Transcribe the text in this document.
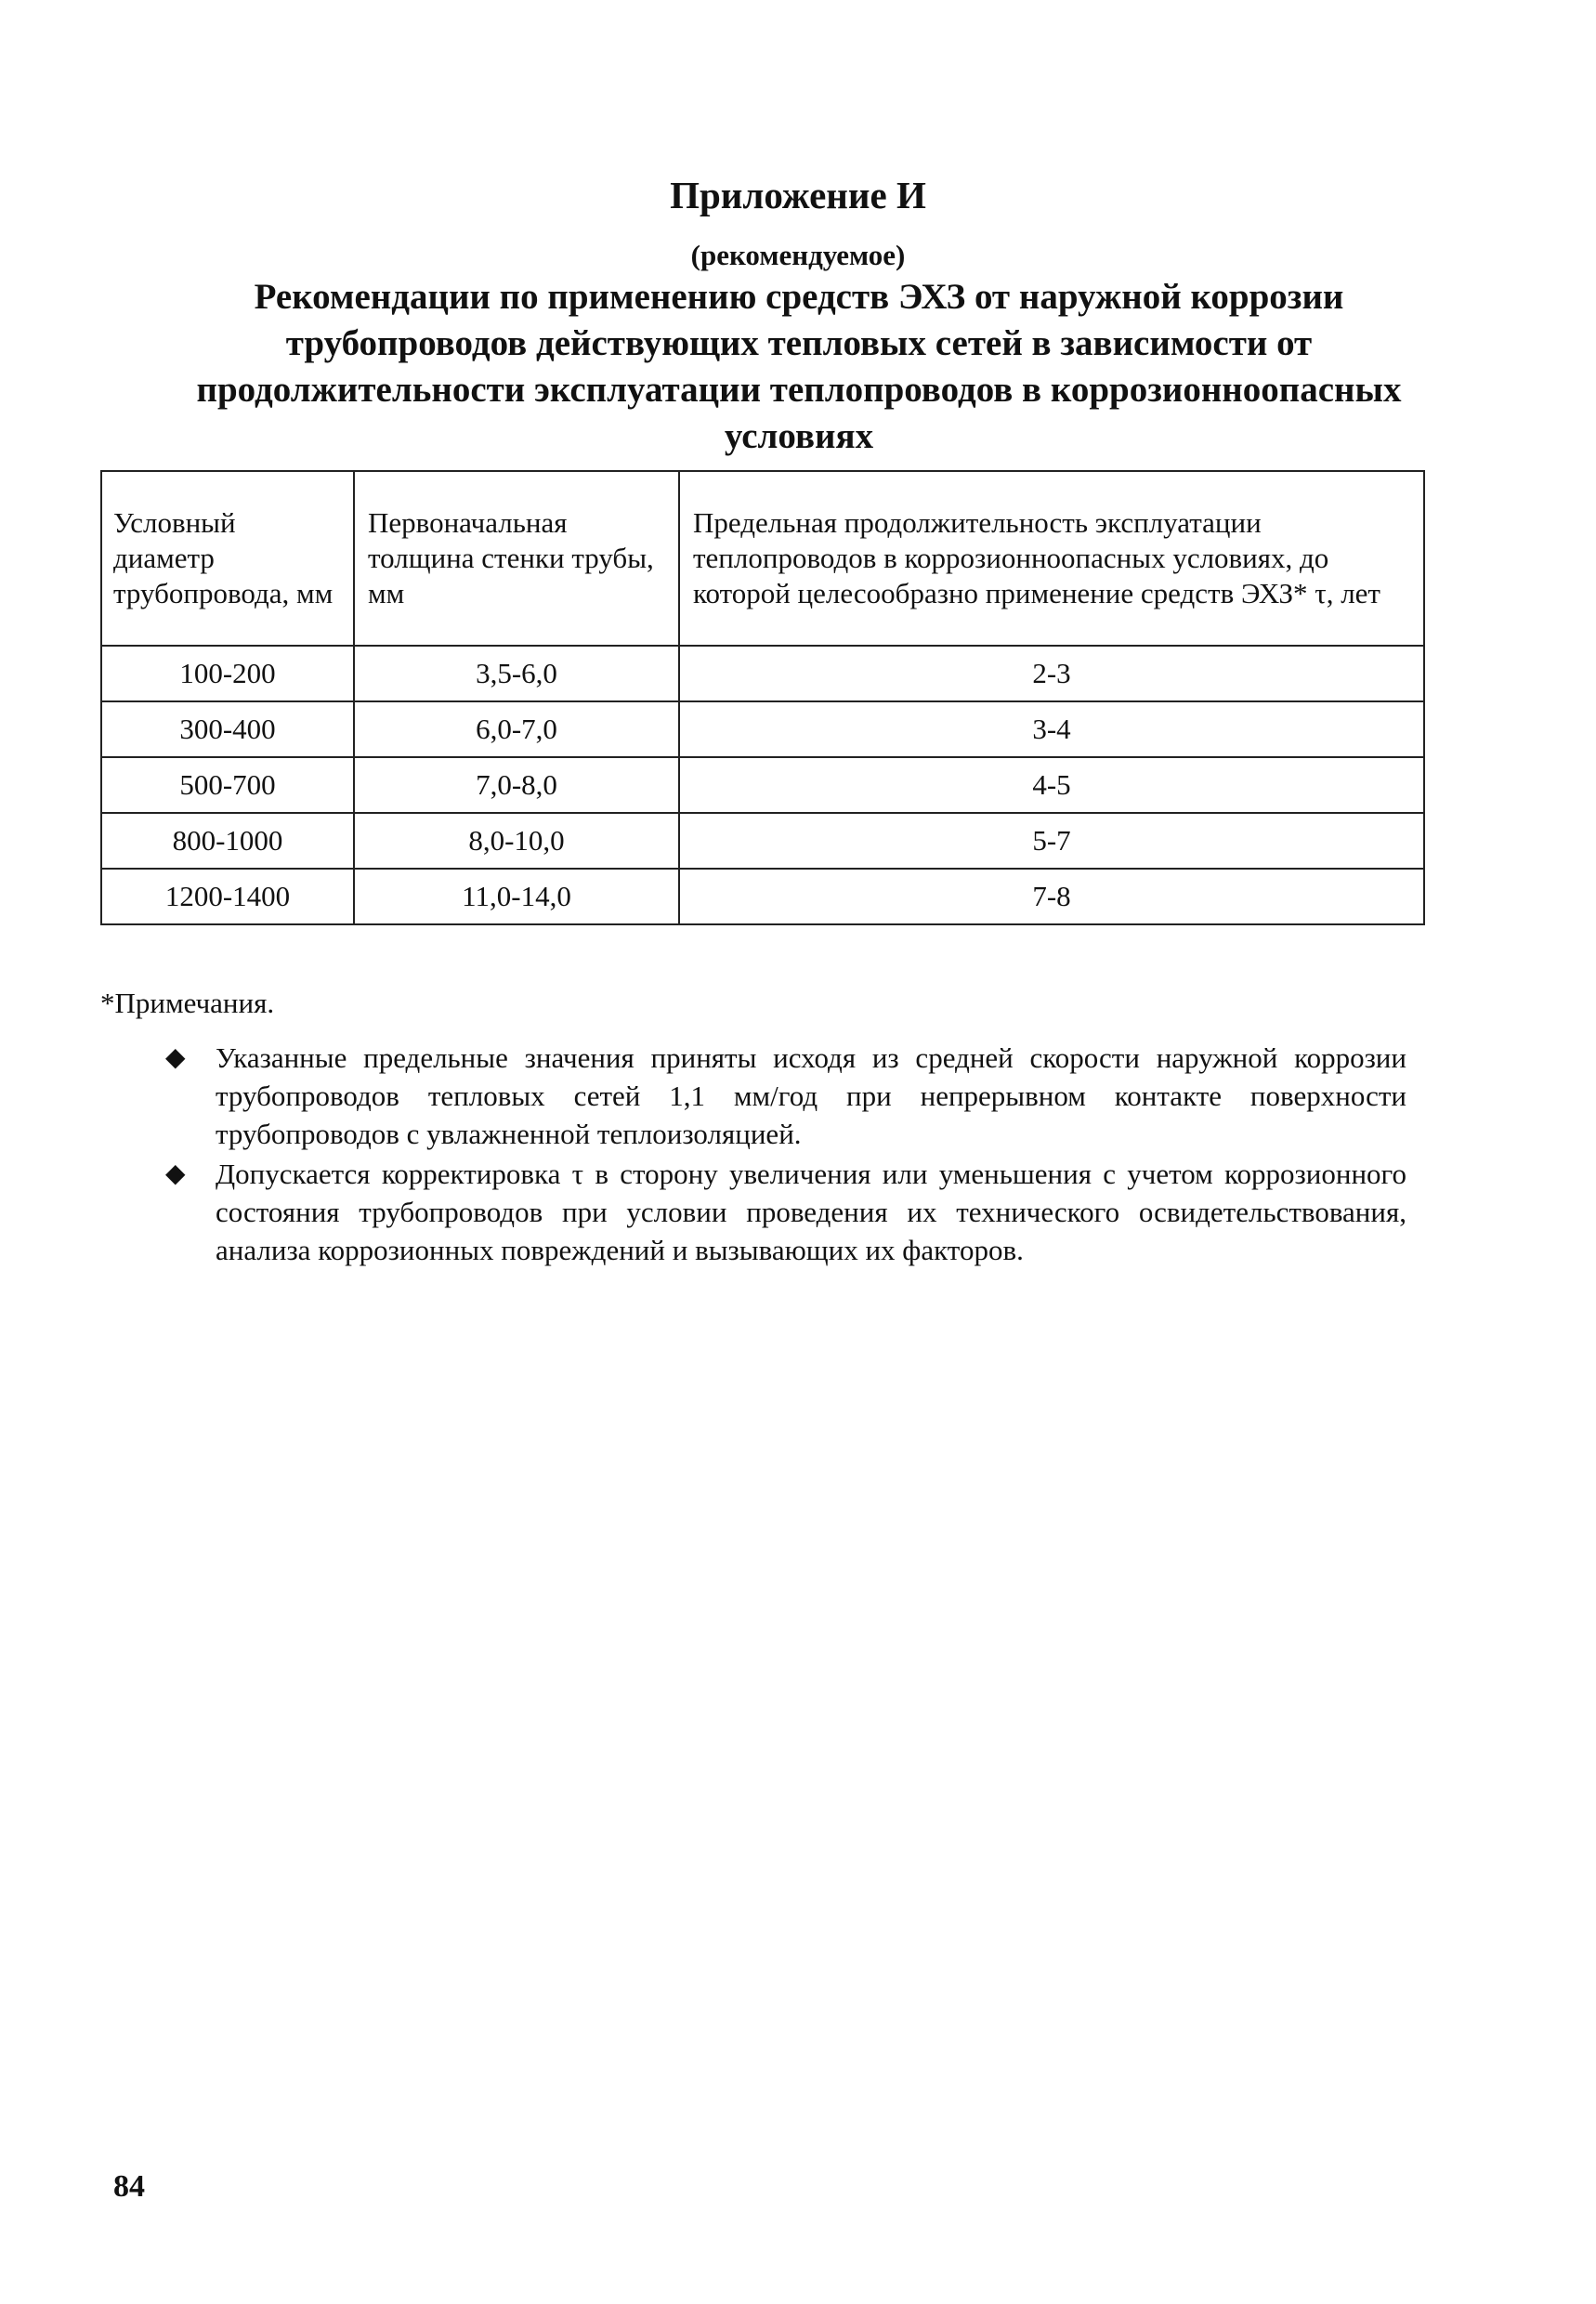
Приложение И
(рекомендуемое)
Рекомендации по применению средств ЭХЗ от наружной коррозии трубопроводов действующих тепловых сетей в зависимости от продолжительности эксплуатации теплопроводов в коррозионноопасных условиях
Условный диаметр трубопровода, мм	Первоначальная толщина стенки трубы, мм	Предельная продолжительность эксплуатации теплопроводов в коррозионноопасных условиях, до которой целесообразно применение средств ЭХЗ* τ, лет
100-200	3,5-6,0	2-3
300-400	6,0-7,0	3-4
500-700	7,0-8,0	4-5
800-1000	8,0-10,0	5-7
1200-1400	11,0-14,0	7-8
*Примечания.
◆ Указанные предельные значения приняты исходя из средней скорости наружной коррозии трубопроводов тепловых сетей 1,1 мм/год при непрерывном контакте поверхности трубопроводов с увлажненной теплоизоляцией.
◆ Допускается корректировка τ в сторону увеличения или уменьшения с учетом коррозионного состояния трубопроводов при условии проведения их технического освидетельствования, анализа коррозионных повреждений и вызывающих их факторов.
84
